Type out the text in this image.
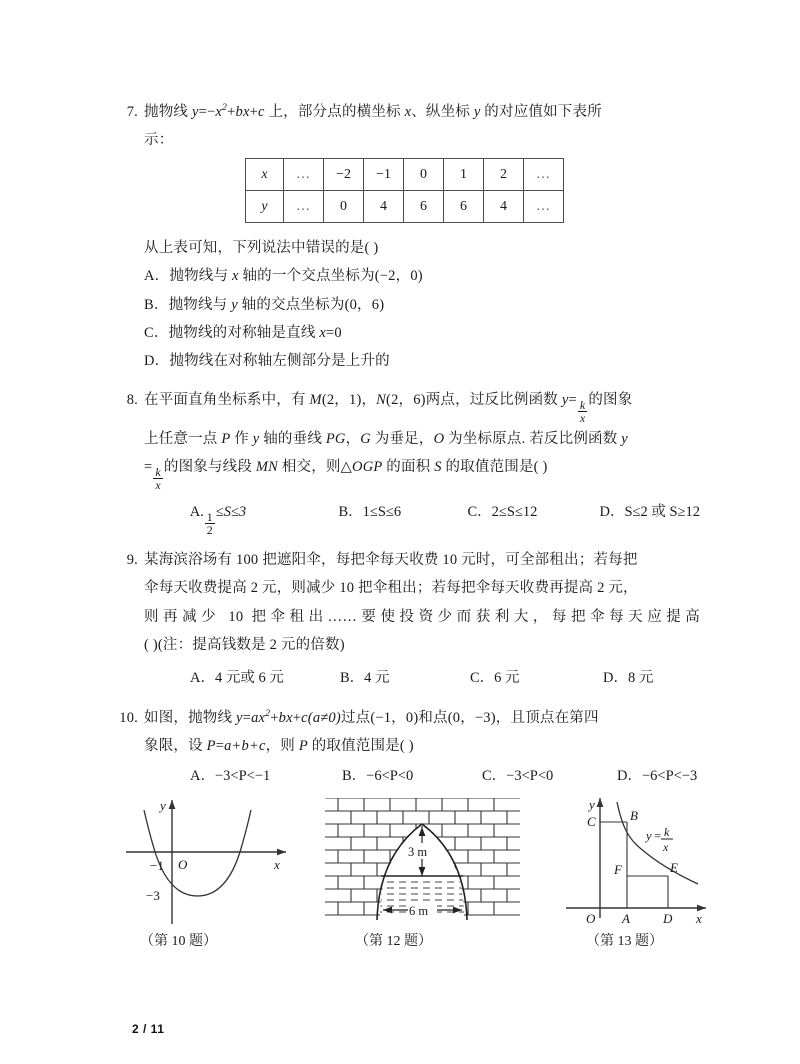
7. 抛物线 $y=-x^2+bx+c$ 上，部分点的横坐标 x、纵坐标 y 的对应值如下表所
示：
x	…	−2	−1	0	1	2	…
y	…	0	4	6	6	4	…
从上表可知，下列说法中错误的是( )
A．抛物线与 x 轴的一个交点坐标为(−2，0)
B．抛物线与 y 轴的交点坐标为(0，6)
C．抛物线的对称轴是直线 x=0
D．抛物线在对称轴左侧部分是上升的
8. 在平面直角坐标系中，有 M(2，1)，N(2，6)两点，过反比例函数 $y= \frac{k}{x}$ 的图象
上任意一点 P 作 y 轴的垂线 PG，G 为垂足，O 为坐标原点. 若反比例函数 y
= $\frac{k}{x}$ 的图象与线段 MN 相交，则△OGP 的面积 S 的取值范围是( )
A. $\frac{1}{2} \le S\le 3$	B．1≤S≤6	C．2≤S≤12	D．S≤2 或 S≥12
9. 某海滨浴场有 100 把遮阳伞，每把伞每天收费 10 元时，可全部租出；若每把
伞每天收费提高 2 元，则减少 10 把伞租出；若每把伞每天收费再提高 2 元，
则再减少 10 把伞租出……要使投资少而获利大，每把伞每天应提高
( )(注：提高钱数是 2 元的倍数)
A．4 元或 6 元	B．4 元	C．6 元	D．8 元
10. 如图，抛物线 $y=ax^2+bx+c(a\ne 0)$过点(−1，0)和点(0，−3)，且顶点在第四
象限，设 P=a+b+c，则 P 的取值范围是( )
A．−3<P<−1	B．−6<P<0	C．−3<P<0	D．−6<P<−3
−1 O
−3
x
y
3 m
6 m
C	B
F	E
O A	D x
y
y = k
x
（第 10 题）	（第 12 题）	（第 13 题）
2 / 11
